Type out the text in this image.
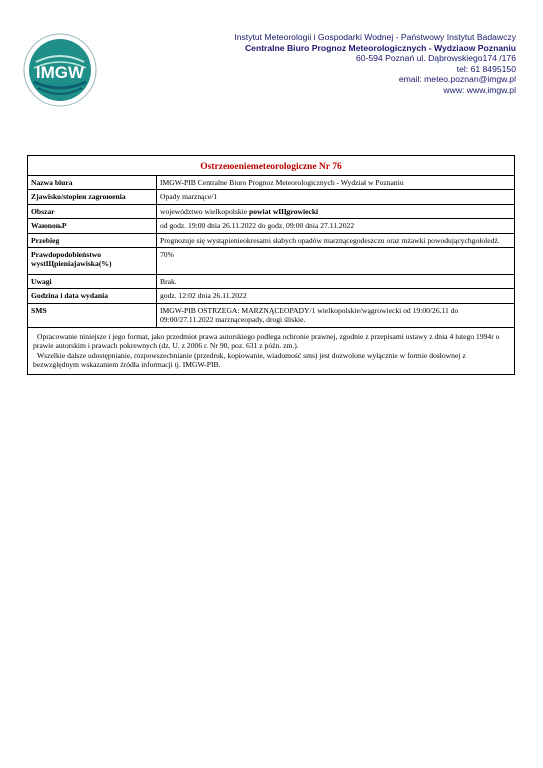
IMGW
Instytut Meteorologii i Gospodarki Wodnej - Państwowy Instytut Badawczy
Centralne Biuro Prognoz Meteorologicznych - Wydziaow Poznaniu
60-594 Poznań ul. Dąbrowskiego174 /176
tel: 61 8495150
email: meteo.poznan@imgw.pl
www: www.imgw.pl
Ostrzeюeniemeteorologiczne Nr 76
Nazwa biura	IMGW-PIB Centralne Biuro Prognoz Meteorologicznych - Wydział w Poznaniu
Zjawisko/stopieи zagroюenia	Opady marznące/1
Obszar	województwo wielkopolskie powiat wЩgrowiecki
WaюnoњР	od godz. 19:00 dnia 26.11.2022 do godz. 09:00 dnia 27.11.2022
Przebieg	Prognozuje się wystąpienieokresami słabych opadów marznącegodeszczu oraz mżawki powodującychgołoledź.
Prawdopodobieństwo wystЩpieniajawiska(%)	70%
Uwagi	Brak.
Godzina i data wydania	godz. 12:02 dnia 26.11.2022
SMS	IMGW-PIB OSTRZEGA: MARZNĄCEOPADY/1 wielkopolskie/wągrowiecki od 19:00/26.11 do 09:00/27.11.2022 marznąceopady, drogi śliskie.

Opracowanie niniejsze i jego format, jako przedmiot prawa autorskiego podlega ochronie prawnej, zgodnie z przepisami ustawy z dnia 4 lutego 1994r o prawie autorskim i prawach pokrewnych (dz. U. z 2006 r. Nr 90, poz. 631 z późn. zm.).

Wszelkie dalsze udostępnianie, rozpowszechnianie (przedruk, kopiowanie, wiadomość sms) jest dozwolone wyłącznie w formie dosłownej z bezwzględnym wskazaniem źródła informacji tj. IMGW-PIB.
